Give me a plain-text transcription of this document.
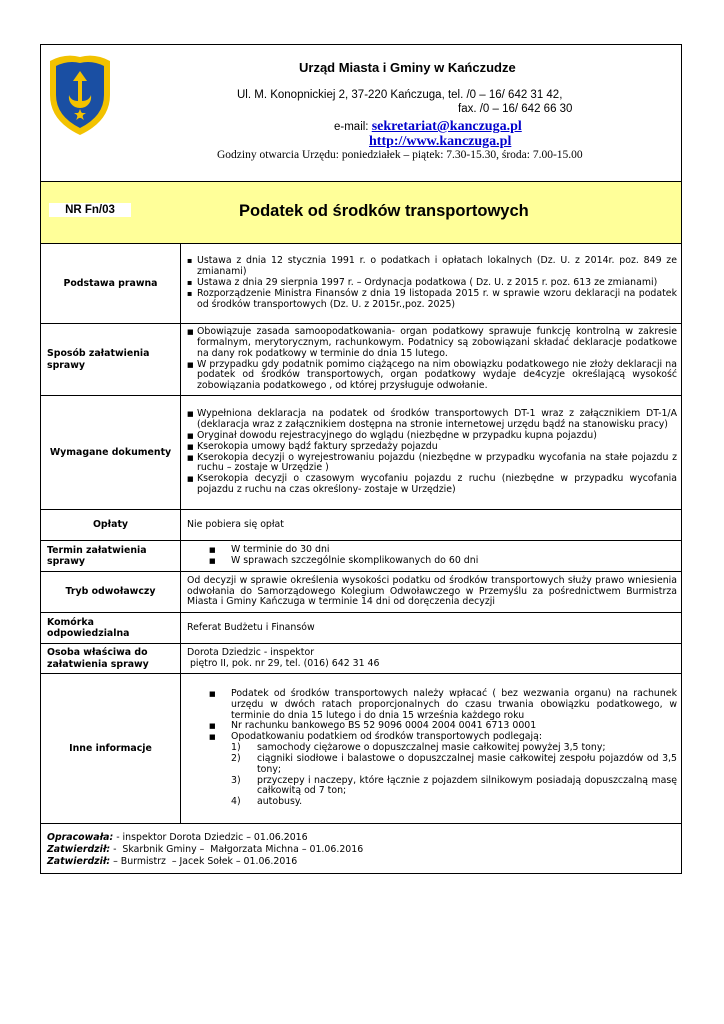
Urząd Miasta i Gminy w Kańczudze
Ul. M. Konopnickiej 2, 37-220 Kańczuga, tel. /0 – 16/ 642 31 42,
fax. /0 – 16/ 642 66 30
e-mail: sekretariat@kanczuga.pl
http://www.kanczuga.pl
Godziny otwarcia Urzędu: poniedziałek – piątek: 7.30-15.30, środa: 7.00-15.00
NR Fn/03	Podatek od środków transportowych
Podstawa prawna
▪ Ustawa z dnia 12 stycznia 1991 r. o podatkach i opłatach lokalnych (Dz. U. z 2014r. poz. 849 ze zmianami)
▪ Ustawa z dnia 29 sierpnia 1997 r. – Ordynacja podatkowa ( Dz. U. z 2015 r. poz. 613 ze zmianami)
▪ Rozporządzenie Ministra Finansów z dnia 19 listopada 2015 r. w sprawie wzoru deklaracji na podatek od środków transportowych (Dz. U. z 2015r.,poz. 2025)
Sposób załatwienia sprawy
■ Obowiązuje zasada samoopodatkowania- organ podatkowy sprawuje funkcję kontrolną w zakresie formalnym, merytorycznym, rachunkowym. Podatnicy są zobowiązani składać deklaracje podatkowe na dany rok podatkowy w terminie do dnia 15 lutego.
■ W przypadku gdy podatnik pomimo ciążącego na nim obowiązku podatkowego nie złoży deklaracji na podatek od środków transportowych, organ podatkowy wydaje de4cyzje określającą wysokość zobowiązania podatkowego , od której przysługuje odwołanie.
Wymagane dokumenty
■ Wypełniona deklaracja na podatek od środków transportowych DT-1 wraz z załącznikiem DT-1/A (deklaracja wraz z załącznikiem dostępna na stronie internetowej urzędu bądź na stanowisku pracy)
■ Oryginał dowodu rejestracyjnego do wglądu (niezbędne w przypadku kupna pojazdu)
■ Kserokopia umowy bądź faktury sprzedaży pojazdu
■ Kserokopia decyzji o wyrejestrowaniu pojazdu (niezbędne w przypadku wycofania na stałe pojazdu z ruchu – zostaje w Urzędzie )
■ Kserokopia decyzji o czasowym wycofaniu pojazdu z ruchu (niezbędne w przypadku wycofania pojazdu z ruchu na czas określony- zostaje w Urzędzie)
Opłaty	Nie pobiera się opłat
Termin załatwienia sprawy
■ W terminie do 30 dni
■ W sprawach szczególnie skomplikowanych do 60 dni
Tryb odwoławczy
Od decyzji w sprawie określenia wysokości podatku od środków transportowych służy prawo wniesienia odwołania do Samorządowego Kolegium Odwoławczego w Przemyślu za pośrednictwem Burmistrza Miasta i Gminy Kańczuga w terminie 14 dni od doręczenia decyzji
Komórka odpowiedzialna
Referat Budżetu i Finansów
Osoba właściwa do załatwienia sprawy
Dorota Dziedzic - inspektor
piętro II, pok. nr 29, tel. (016) 642 31 46
Inne informacje
■ Podatek od środków transportowych należy wpłacać ( bez wezwania organu) na rachunek urzędu w dwóch ratach proporcjonalnych do czasu trwania obowiązku podatkowego, w terminie do dnia 15 lutego i do dnia 15 września każdego roku
■ Nr rachunku bankowego BS 52 9096 0004 2004 0041 6713 0001
■ Opodatkowaniu podatkiem od środków transportowych podlegają:
1) samochody ciężarowe o dopuszczalnej masie całkowitej powyżej 3,5 tony;
2) ciągniki siodłowe i balastowe o dopuszczalnej masie całkowitej zespołu pojazdów od 3,5 tony;
3) przyczepy i naczepy, które łącznie z pojazdem silnikowym posiadają dopuszczalną masę całkowitą od 7 ton;
4) autobusy.
Opracowała: - inspektor Dorota Dziedzic – 01.06.2016
Zatwierdził: -  Skarbnik Gminy –  Małgorzata Michna – 01.06.2016
Zatwierdził: – Burmistrz  – Jacek Sołek – 01.06.2016
